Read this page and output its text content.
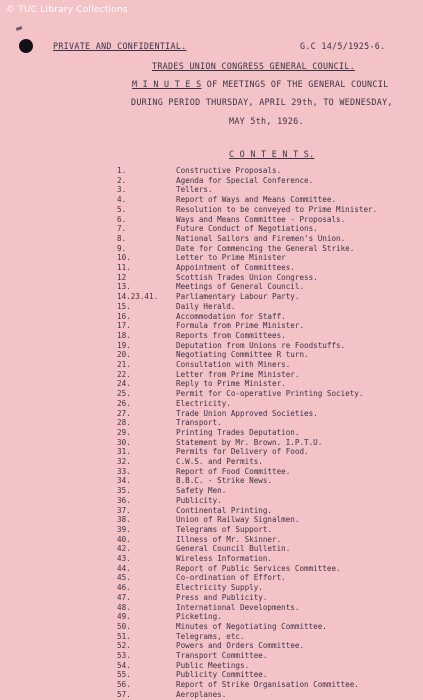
© TUC Library Collections
PRIVATE AND CONFIDENTIAL.	G.C 14/5/1925-6.
TRADES UNION CONGRESS GENERAL COUNCIL.
M I N U T E S OF MEETINGS OF THE GENERAL COUNCIL
DURING PERIOD THURSDAY, APRIL 29th, TO WEDNESDAY,
MAY 5th, 1926.
C O N T E N T S.
1.	Constructive Proposals.
2.	Agenda for Special Conference.
3.	Tellers.
4.	Report of Ways and Means Committee.
5.	Resolution to be conveyed to Prime Minister.
6.	Ways and Means Committee - Proposals.
7.	Future Conduct of Negotiations.
8.	National Sailors and Firemen's Union.
9.	Date for Commencing the General Strike.
10.	Letter to Prime Minister
11.	Appointment of Committees.
12	Scottish Trades Union Congress.
13.	Meetings of General Council.
14.23.41. Parliamentary Labour Party.
15.	Daily Herald.
16.	Accommodation for Staff.
17.	Formula from Prime Minister.
18.	Reports from Committees.
19.	Deputation from Unions re Foodstuffs.
20.	Negotiating Committee R turn.
21.	Consultation with Miners.
22.	Letter from Prime Minister.
24.	Reply to Prime Minister.
25.	Permit for Co-operative Printing Society.
26.	Electricity.
27.	Trade Union Approved Societies.
28.	Transport.
29.	Printing Trades Deputation.
30.	Statement by Mr. Brown. I.P.T.U.
31.	Permits for Delivery of Food.
32.	C.W.S. and Permits.
33.	Report of Food Committee.
34.	B.B.C. - Strike News.
35.	Safety Men.
36.	Publicity.
37.	Continental Printing.
38.	Union of Railway Signalmen.
39.	Telegrams of Support.
40.	Illness of Mr. Skinner.
42.	General Council Bulletin.
43.	Wireless Information.
44.	Report of Public Services Committee.
45.	Co-ordination of Effort.
46.	Electricity Supply.
47.	Press and Publicity.
48.	International Developments.
49.	Picketing.
50.	Minutes of Negotiating Committee.
51.	Telegrams, etc.
52.	Powers and Orders Committee.
53.	Transport Committee.
54.	Public Meetings.
55.	Publicity Committee.
56.	Report of Strike Organisation Committee.
57.	Aeroplanes.
